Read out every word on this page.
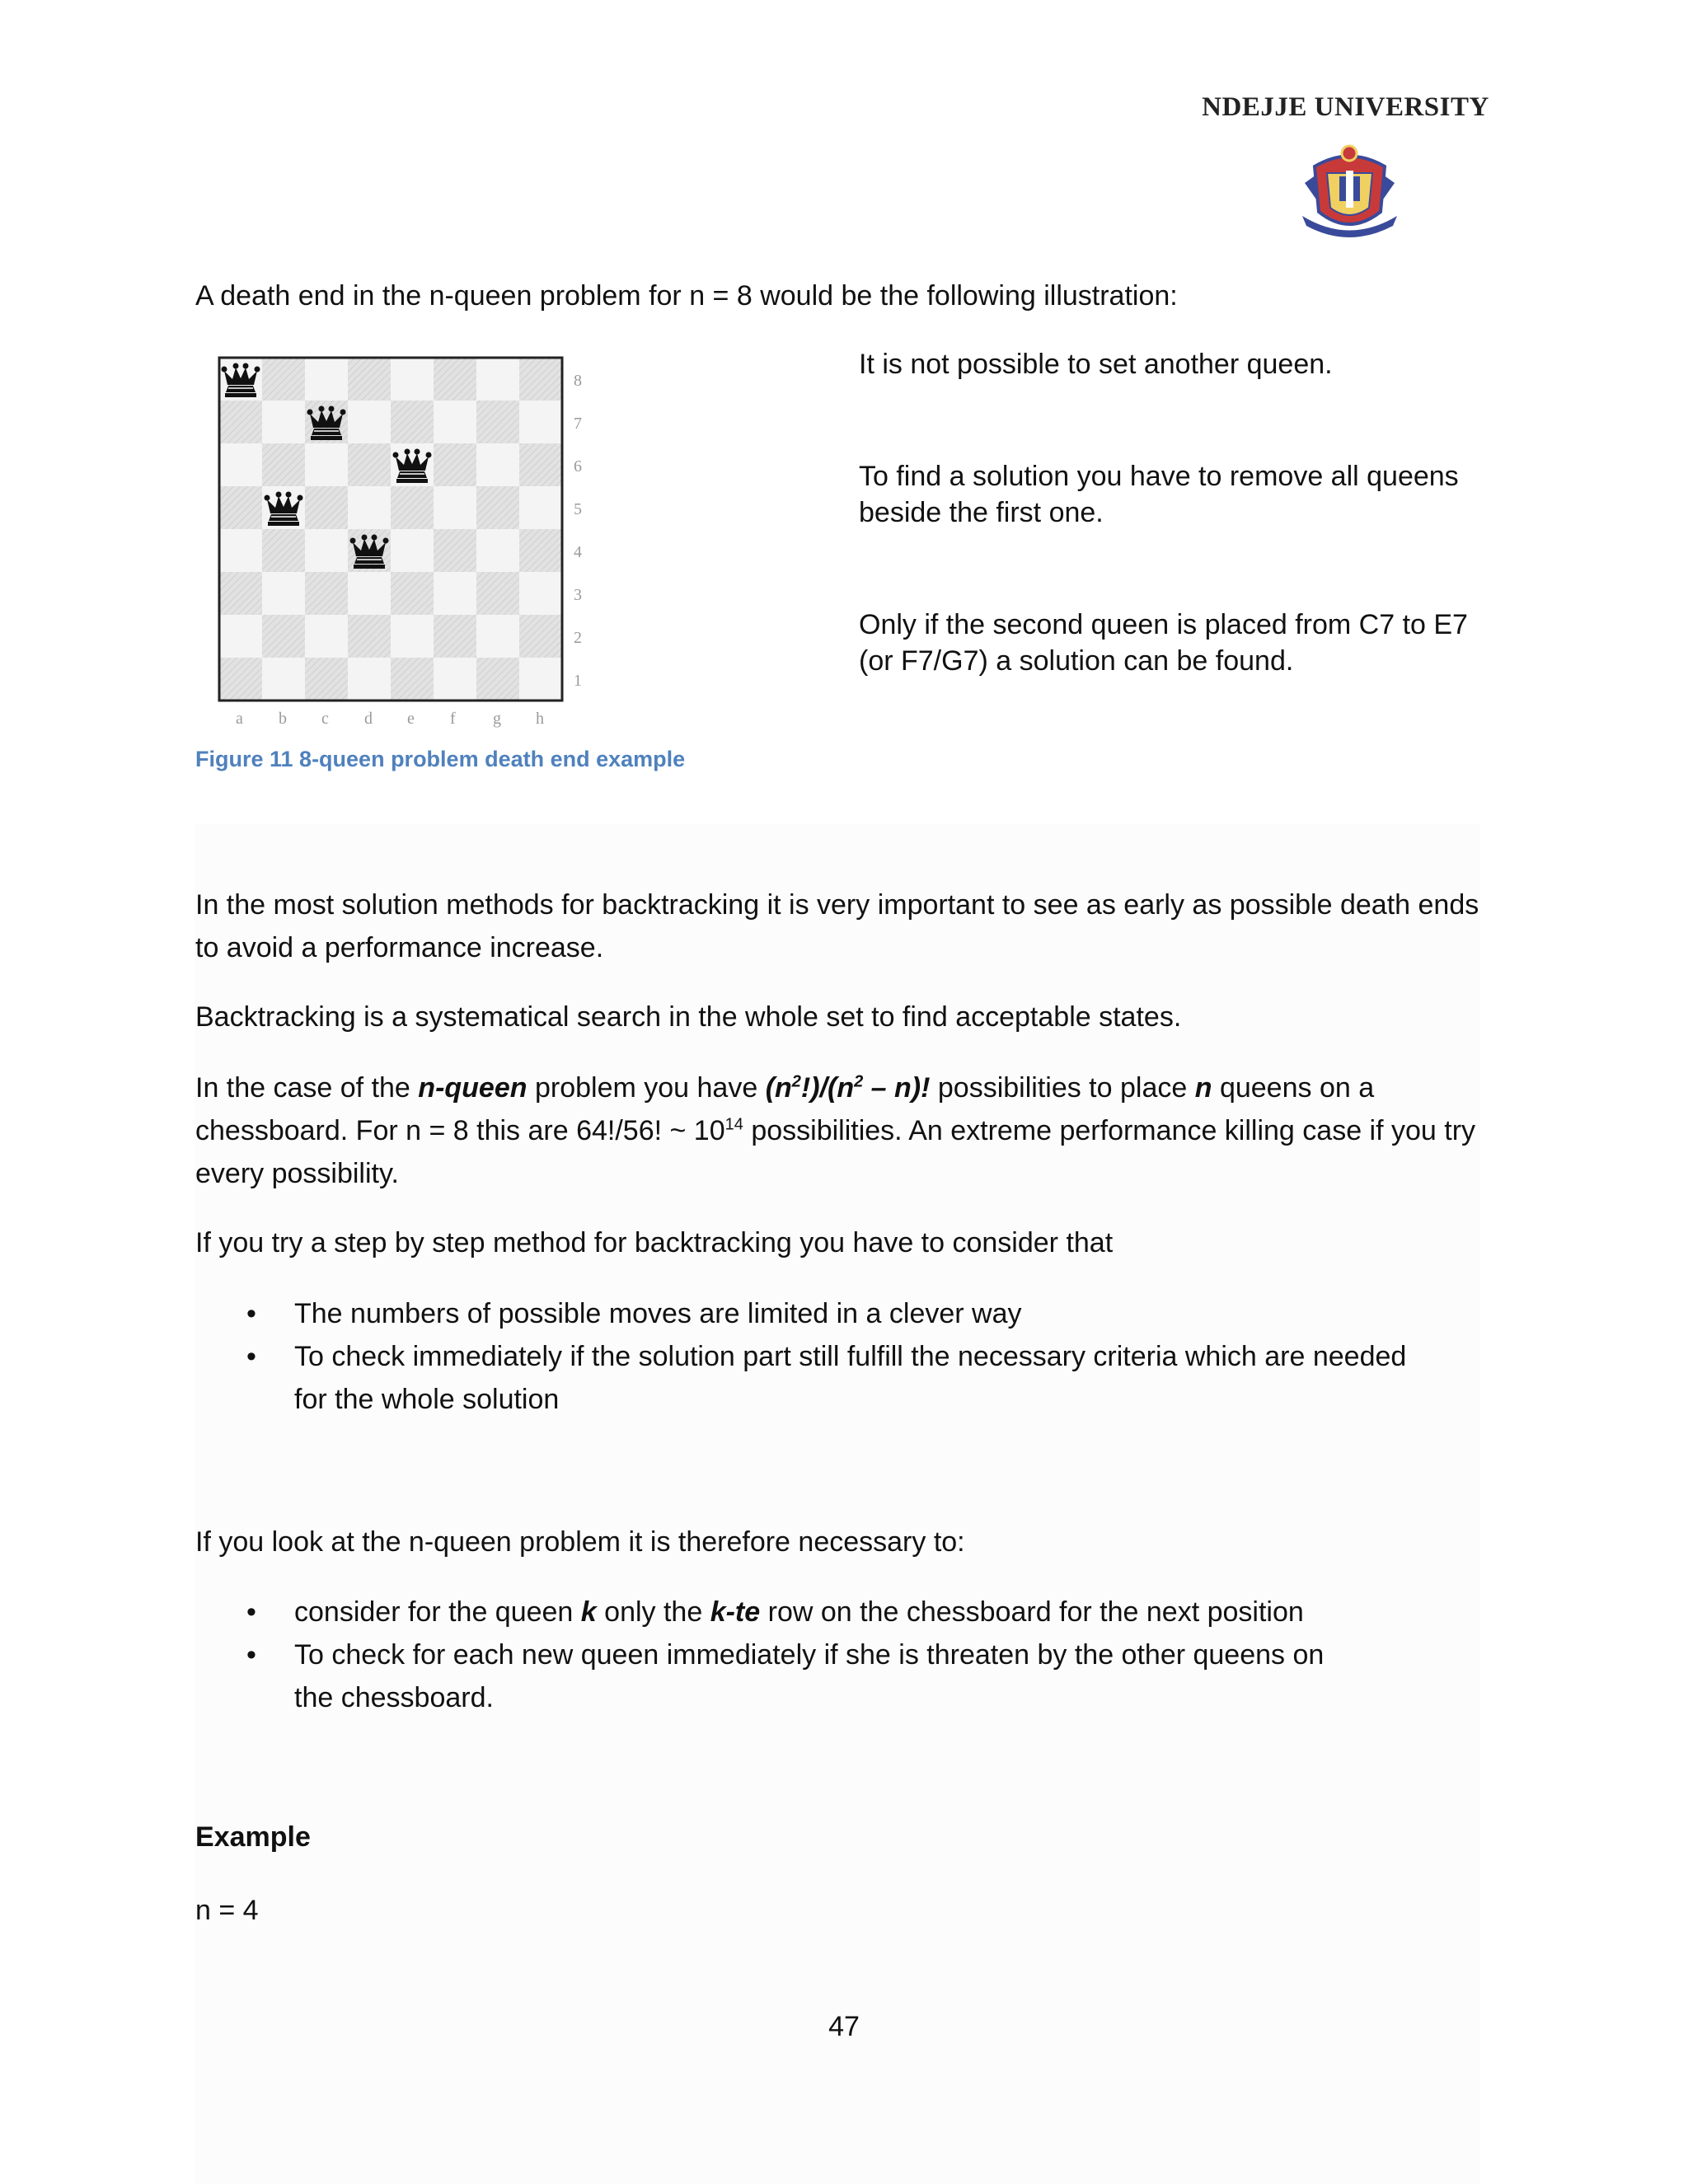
NDEJJE UNIVERSITY

A death end in the n-queen problem for n = 8 would be the following illustration:

8
7
6
5
4
3
2
1
a b c d e f g h

It is not possible to set another queen.

To find a solution you have to remove all queens beside the first one.

Only if the second queen is placed from C7 to E7 (or F7/G7) a solution can be found.

Figure 11 8-queen problem death end example

In the most solution methods for backtracking it is very important to see as early as possible death ends to avoid a performance increase.

Backtracking is a systematical search in the whole set to find acceptable states.

In the case of the n-queen problem you have $(n^2!)/(n^2 - n)$! possibilities to place n queens on a chessboard. For n = 8 this are 64!/56! ~ $10^{14}$ possibilities. An extreme performance killing case if you try every possibility.

If you try a step by step method for backtracking you have to consider that

• The numbers of possible moves are limited in a clever way
• To check immediately if the solution part still fulfill the necessary criteria which are needed for the whole solution

If you look at the n-queen problem it is therefore necessary to:

• consider for the queen k only the k-te row on the chessboard for the next position
• To check for each new queen immediately if she is threaten by the other queens on the chessboard.
Example

n = 4

47
